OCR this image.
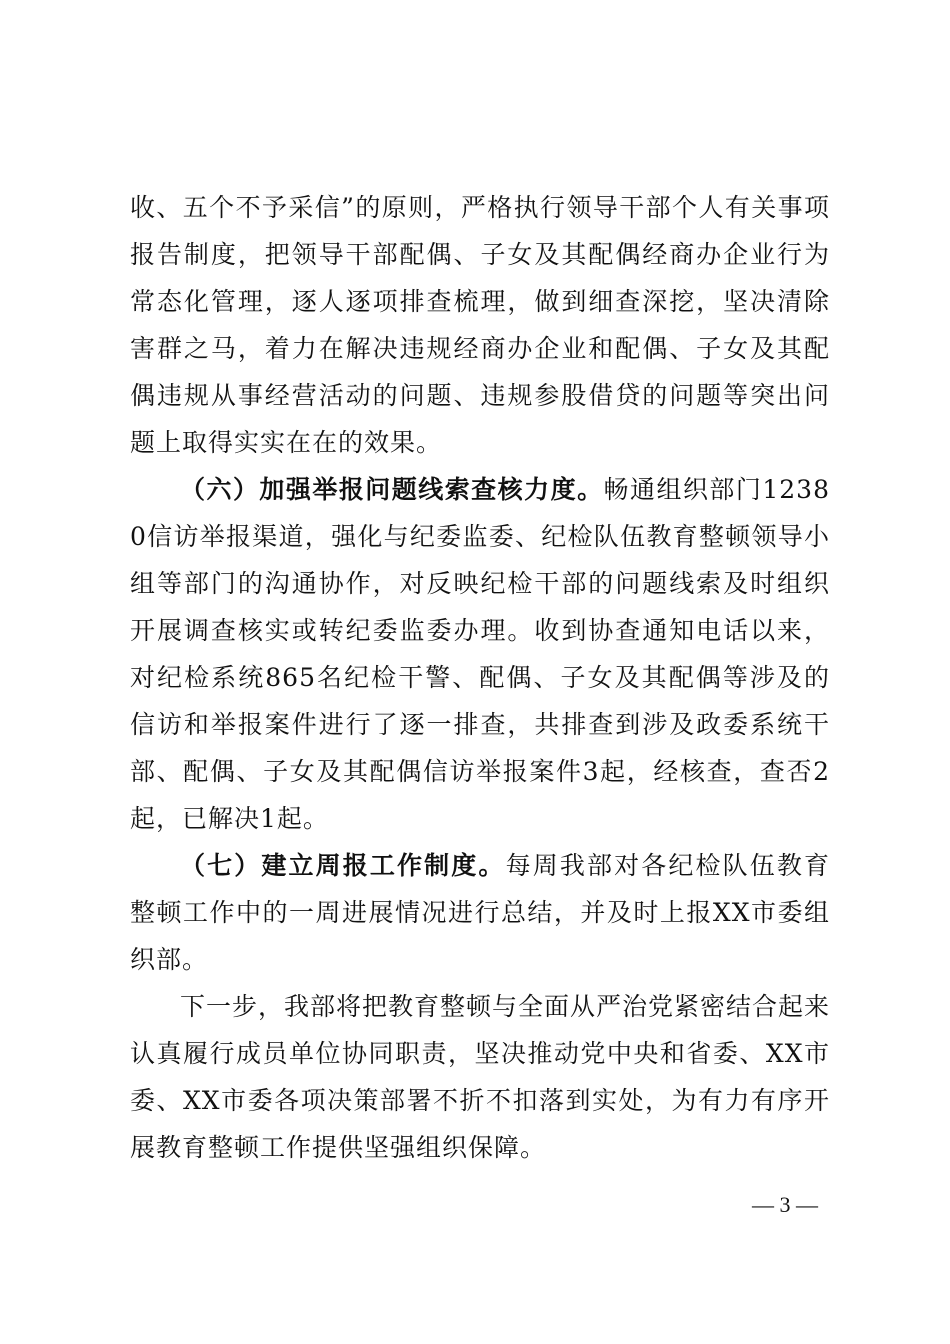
收、五个不予采信”的原则，严格执行领导干部个人有关事项报告制度，把领导干部配偶、子女及其配偶经商办企业行为常态化管理，逐人逐项排查梳理，做到细查深挖，坚决清除害群之马，着力在解决违规经商办企业和配偶、子女及其配偶违规从事经营活动的问题、违规参股借贷的问题等突出问题上取得实实在在的效果。

（六）加强举报问题线索查核力度。畅通组织部门12380信访举报渠道，强化与纪委监委、纪检队伍教育整顿领导小组等部门的沟通协作，对反映纪检干部的问题线索及时组织开展调查核实或转纪委监委办理。收到协查通知电话以来，对纪检系统865名纪检干警、配偶、子女及其配偶等涉及的信访和举报案件进行了逐一排查，共排查到涉及政委系统干部、配偶、子女及其配偶信访举报案件3起，经核查，查否2起，已解决1起。

（七）建立周报工作制度。每周我部对各纪检队伍教育整顿工作中的一周进展情况进行总结，并及时上报XX市委组织部。

下一步，我部将把教育整顿与全面从严治党紧密结合起来认真履行成员单位协同职责，坚决推动党中央和省委、XX市委、XX市委各项决策部署不折不扣落到实处，为有力有序开展教育整顿工作提供坚强组织保障。

— 3 —
